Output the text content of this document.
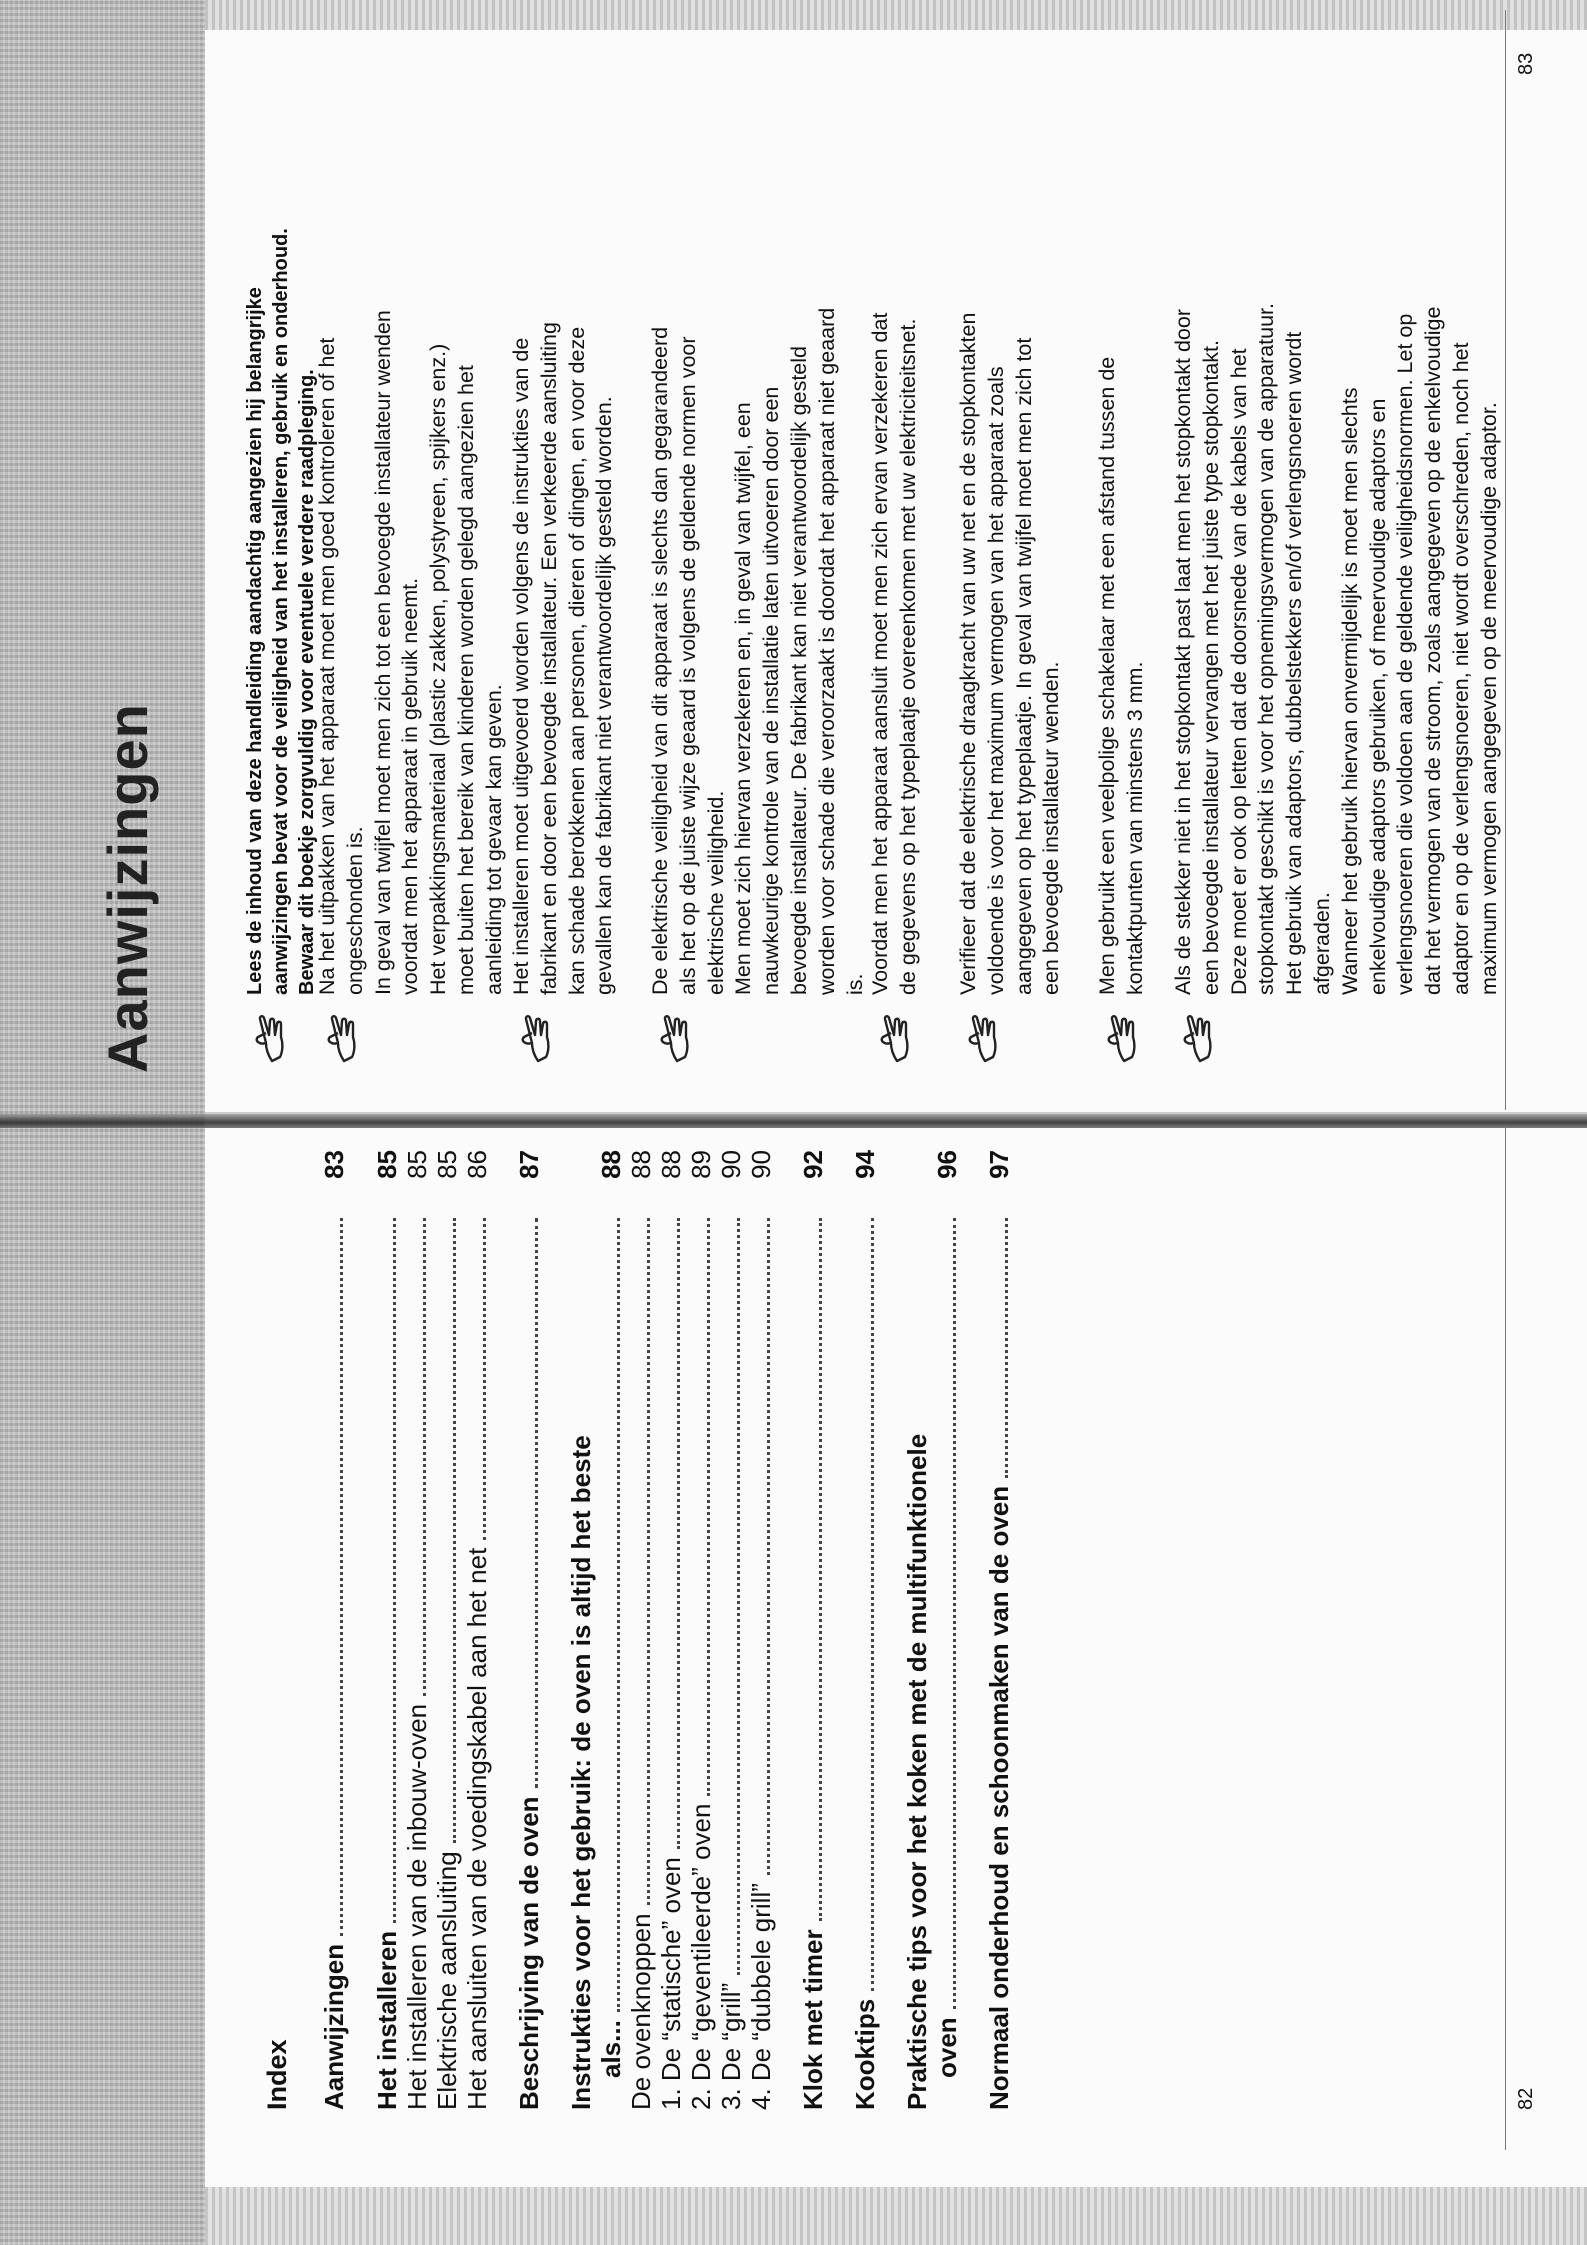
Index Aanwijzingen
83
Het installeren
85
Het installeren van de inbouw-oven
85
Elektrische aansluiting
85
Het aansluiten van de voedingskabel aan het net
86
Beschrijving van de oven
87
Instrukties voor het gebruik: de oven is altijd het beste als...
88
De ovenknoppen
88
1. De “statische” oven
88
2. De “geventileerde” oven
89
3. De “grill”
90
4. De “dubbele grill”
90
Klok met timer
92
Kooktips
94
Praktische tips voor het koken met de multifunktionele oven
96
Normaal onderhoud en schoonmaken van de oven
97
82
Aanwijzingen	Lees de inhoud van deze handleiding aandachtig aangezien hij belangrijke aanwijzingen bevat voor de veiligheid van het installeren, gebruik en onderhoud. Bewaar dit boekje zorgvuldig voor eventuele verdere raadpleging.

Na het uitpakken van het apparaat moet men goed kontroleren of het ongeschonden is. In geval van twijfel moet men zich tot een bevoegde installateur wenden voordat men het apparaat in gebruik neemt. Het verpakkingsmateriaal (plastic zakken, polystyreen, spijkers enz.) moet buiten het bereik van kinderen worden gelegd aangezien het aanleiding tot gevaar kan geven. Het installeren moet uitgevoerd worden volgens de instrukties van de fabrikant en door een bevoegde installateur. Een verkeerde aansluiting kan schade berokkenen aan personen, dieren of dingen, en voor deze gevallen kan de fabrikant niet verantwoordelijk gesteld worden. De elektrische veiligheid van dit apparaat is slechts dan gegarandeerd als het op de juiste wijze geaard is volgens de geldende normen voor elektrische veiligheid. Men moet zich hiervan verzekeren en, in geval van twijfel, een nauwkeurige kontrole van de installatie laten uitvoeren door een bevoegde installateur. De fabrikant kan niet verantwoordelijk gesteld worden voor schade die veroorzaakt is doordat het apparaat niet geaard is. Voordat men het apparaat aansluit moet men zich ervan verzekeren dat de gegevens op het typeplaatje overeenkomen met uw elektriciteitsnet. Verifieer dat de elektrische draagkracht van uw net en de stopkontakten voldoende is voor het maximum vermogen van het apparaat zoals aangegeven op het typeplaatje. In geval van twijfel moet men zich tot een bevoegde installateur wenden. Men gebruikt een veelpolige schakelaar met een afstand tussen de kontaktpunten van minstens 3 mm. Als de stekker niet in het stopkontakt past laat men het stopkontakt door een bevoegde installateur vervangen met het juiste type stopkontakt. Deze moet er ook op letten dat de doorsnede van de kabels van het stopkontakt geschikt is voor het opnemingsvermogen van de apparatuur. Het gebruik van adaptors, dubbelstekkers en/of verlengsnoeren wordt afgeraden. Wanneer het gebruik hiervan onvermijdelijk is moet men slechts enkelvoudige adaptors gebruiken, of meervoudige adaptors en verlengsnoeren die voldoen aan de geldende veiligheidsnormen. Let op dat het vermogen van de stroom, zoals aangegeven op de enkelvoudige adaptor en op de verlengsnoeren, niet wordt overschreden, noch het maximum vermogen aangegeven op de meervoudige adaptor.

83
